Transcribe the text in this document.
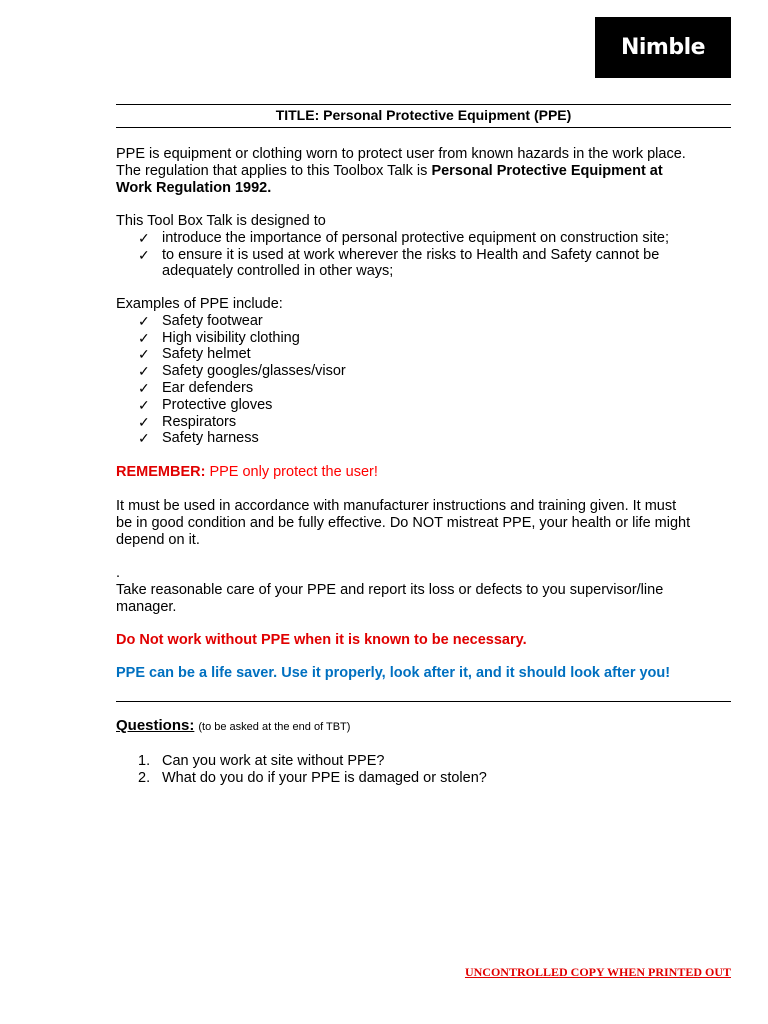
Nimble
TITLE: Personal Protective Equipment (PPE)
PPE is equipment or clothing worn to protect user from known hazards in the work place.
The regulation that applies to this Toolbox Talk is Personal Protective Equipment at
Work Regulation 1992.
This Tool Box Talk is designed to
✓ introduce the importance of personal protective equipment on construction site;
✓ to ensure it is used at work wherever the risks to Health and Safety cannot be
adequately controlled in other ways;
Examples of PPE include:
✓ Safety footwear
✓ High visibility clothing
✓ Safety helmet
✓ Safety googles/glasses/visor
✓ Ear defenders
✓ Protective gloves
✓ Respirators
✓ Safety harness
REMEMBER: PPE only protect the user!
It must be used in accordance with manufacturer instructions and training given. It must
be in good condition and be fully effective. Do NOT mistreat PPE, your health or life might
depend on it.
.
Take reasonable care of your PPE and report its loss or defects to you supervisor/line
manager.
Do Not work without PPE when it is known to be necessary.
PPE can be a life saver. Use it properly, look after it, and it should look after you!
Questions: (to be asked at the end of TBT)
1. Can you work at site without PPE?
2. What do you do if your PPE is damaged or stolen?
UNCONTROLLED COPY WHEN PRINTED OUT
